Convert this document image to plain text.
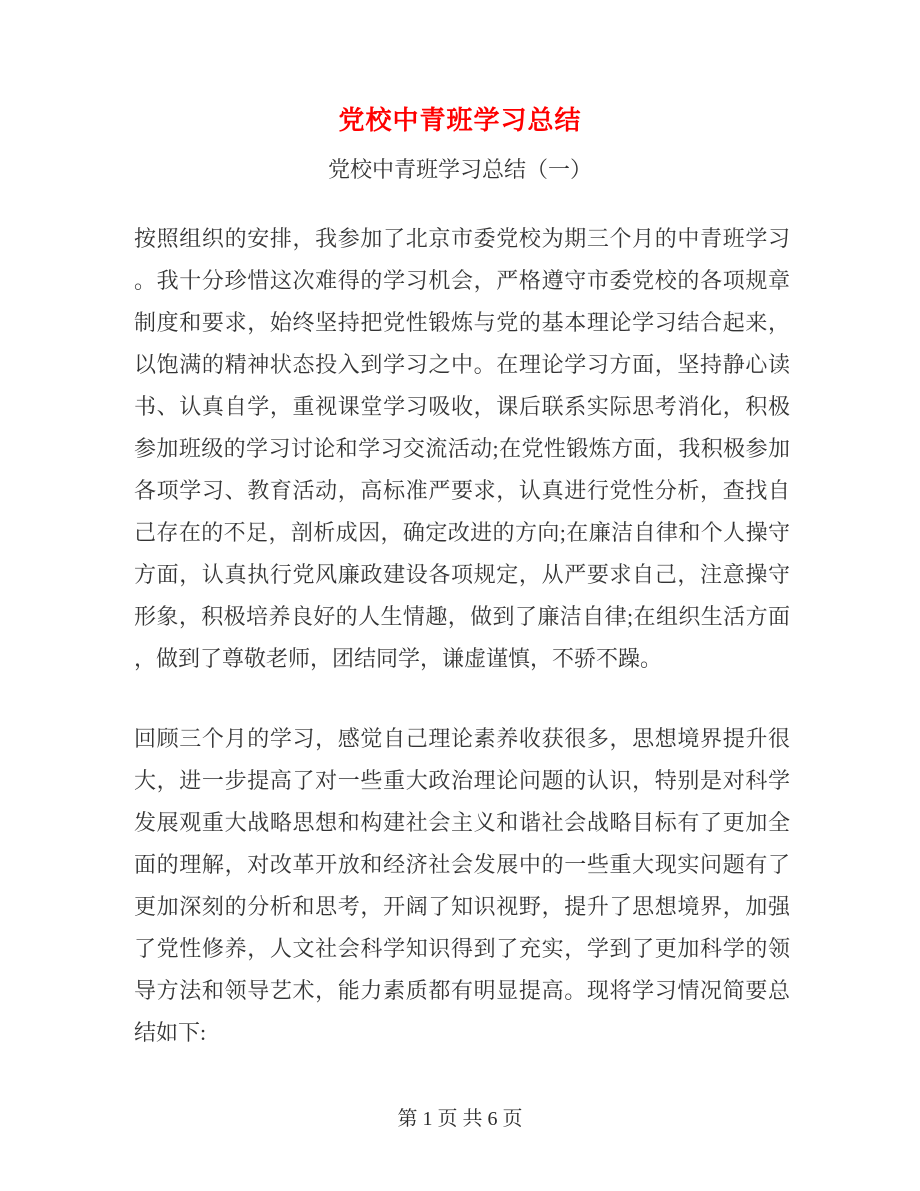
党校中青班学习总结
党校中青班学习总结（一）

按照组织的安排，我参加了北京市委党校为期三个月的中青班学习。我十分珍惜这次难得的学习机会，严格遵守市委党校的各项规章制度和要求，始终坚持把党性锻炼与党的基本理论学习结合起来，以饱满的精神状态投入到学习之中。在理论学习方面，坚持静心读书、认真自学，重视课堂学习吸收，课后联系实际思考消化，积极参加班级的学习讨论和学习交流活动;在党性锻炼方面，我积极参加各项学习、教育活动，高标准严要求，认真进行党性分析，查找自己存在的不足，剖析成因，确定改进的方向;在廉洁自律和个人操守方面，认真执行党风廉政建设各项规定，从严要求自己，注意操守形象，积极培养良好的人生情趣，做到了廉洁自律;在组织生活方面，做到了尊敬老师，团结同学，谦虚谨慎，不骄不躁。

回顾三个月的学习，感觉自己理论素养收获很多，思想境界提升很大，进一步提高了对一些重大政治理论问题的认识，特别是对科学发展观重大战略思想和构建社会主义和谐社会战略目标有了更加全面的理解，对改革开放和经济社会发展中的一些重大现实问题有了更加深刻的分析和思考，开阔了知识视野，提升了思想境界，加强了党性修养，人文社会科学知识得到了充实，学到了更加科学的领导方法和领导艺术，能力素质都有明显提高。现将学习情况简要总结如下:

第 1 页 共 6 页
